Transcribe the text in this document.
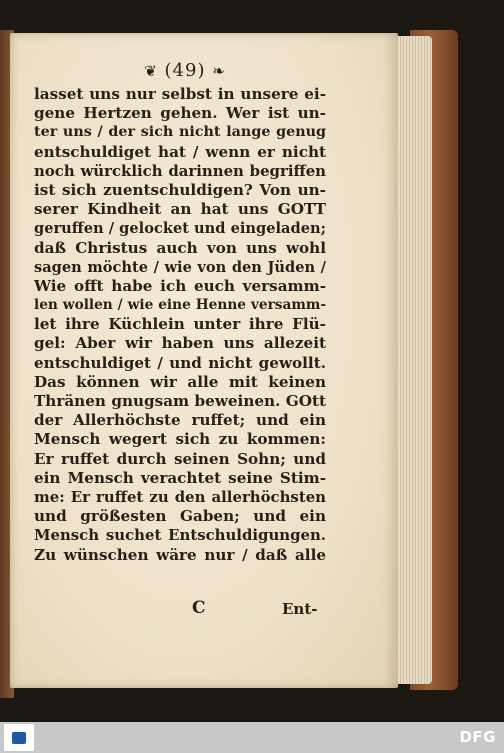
❦ (49) ❧
lasset uns nur selbst in unsere ei-
gene Hertzen gehen. Wer ist un-
ter uns / der sich nicht lange genug
entschuldiget hat / wenn er nicht
noch würcklich darinnen begriffen
ist sich zuentschuldigen? Von un-
serer Kindheit an hat uns GOTT
geruffen / gelocket und eingeladen;
daß Christus auch von uns wohl
sagen möchte / wie von den Jüden /
Wie offt habe ich euch versamm-
len wollen / wie eine Henne versamm-
let ihre Küchlein unter ihre Flü-
gel: Aber wir haben uns allezeit
entschuldiget / und nicht gewollt.
Das können wir alle mit keinen
Thränen gnugsam beweinen. GOtt
der Allerhöchste ruffet; und ein
Mensch wegert sich zu kommen:
Er ruffet durch seinen Sohn; und
ein Mensch verachtet seine Stim-
me: Er ruffet zu den allerhöchsten
und größesten Gaben; und ein
Mensch suchet Entschuldigungen.
Zu wünschen wäre nur / daß alle
C	Ent-
DFG
